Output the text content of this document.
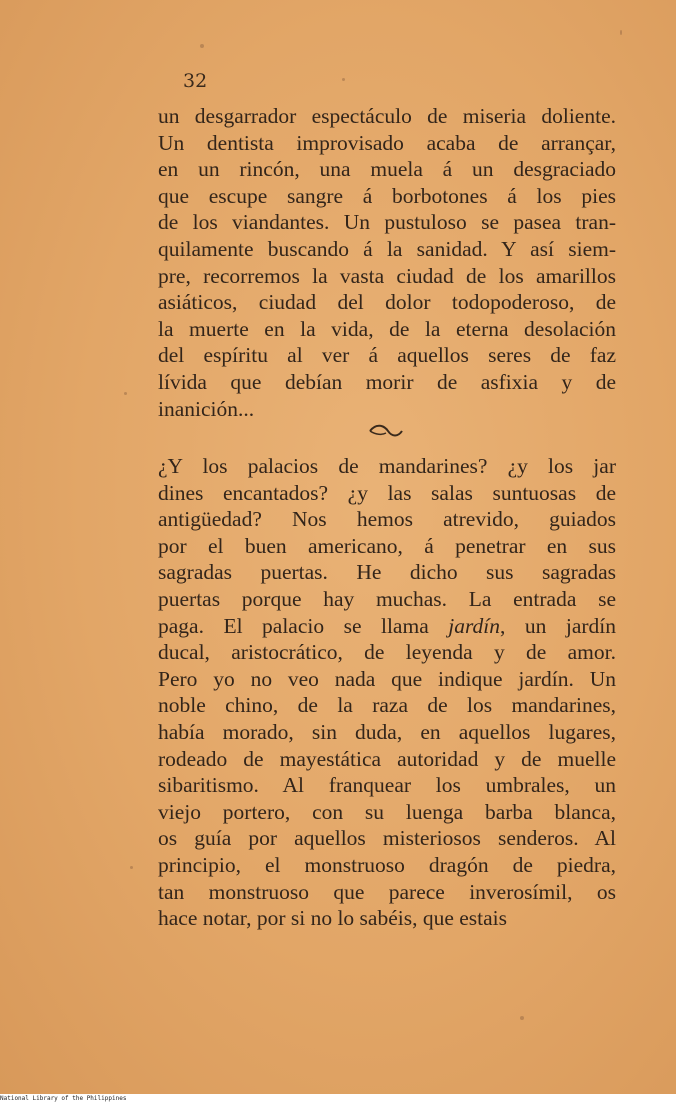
32
un desgarrador espectáculo de miseria doliente.
Un dentista improvisado acaba de arrançar,
en un rincón, una muela á un desgraciado
que escupe sangre á borbotones á los pies
de los viandantes. Un pustuloso se pasea tran-
quilamente buscando á la sanidad. Y así siem-
pre, recorremos la vasta ciudad de los amarillos
asiáticos, ciudad del dolor todopoderoso, de
la muerte en la vida, de la eterna desolación
del espíritu al ver á aquellos seres de faz
lívida que debían morir de asfixia y de
inanición...
¿Y los palacios de mandarines? ¿y los jar
dines encantados? ¿y las salas suntuosas de
antigüedad? Nos hemos atrevido, guiados
por el buen americano, á penetrar en sus
sagradas puertas. He dicho sus sagradas
puertas porque hay muchas. La entrada se
paga. El palacio se llama jardín, un jardín
ducal, aristocrático, de leyenda y de amor.
Pero yo no veo nada que indique jardín. Un
noble chino, de la raza de los mandarines,
había morado, sin duda, en aquellos lugares,
rodeado de mayestática autoridad y de muelle
sibaritismo. Al franquear los umbrales, un
viejo portero, con su luenga barba blanca,
os guía por aquellos misteriosos senderos. Al
principio, el monstruoso dragón de piedra,
tan monstruoso que parece inverosímil, os
hace notar, por si no lo sabéis, que estais
National Library of the Philippines
